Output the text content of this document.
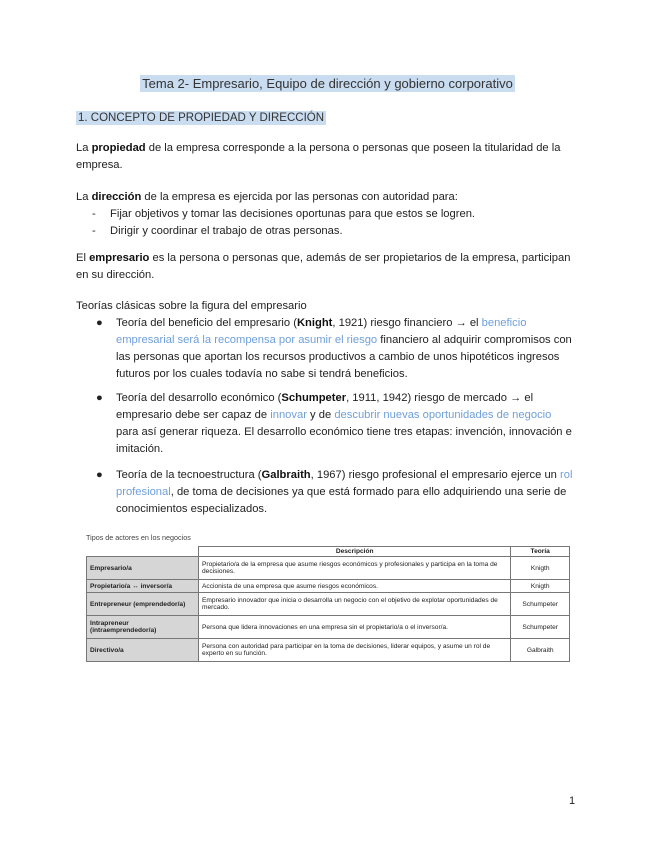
Tema 2- Empresario, Equipo de dirección y gobierno corporativo
1. CONCEPTO DE PROPIEDAD Y DIRECCIÓN

La propiedad de la empresa corresponde a la persona o personas que poseen la titularidad de la empresa.

La dirección de la empresa es ejercida por las personas con autoridad para:

- Fijar objetivos y tomar las decisiones oportunas para que estos se logren.
- Dirigir y coordinar el trabajo de otras personas.

El empresario es la persona o personas que, además de ser propietarios de la empresa, participan en su dirección.

Teorías clásicas sobre la figura del empresario
● Teoría del beneficio del empresario (Knight, 1921) riesgo financiero → el beneficio empresarial será la recompensa por asumir el riesgo financiero al adquirir compromisos con las personas que aportan los recursos productivos a cambio de unos hipotéticos ingresos futuros por los cuales todavía no sabe si tendrá beneficios.
● Teoría del desarrollo económico (Schumpeter, 1911, 1942) riesgo de mercado → el empresario debe ser capaz de innovar y de descubrir nuevas oportunidades de negocio para así generar riqueza. El desarrollo económico tiene tres etapas: invención, innovación e imitación.
● Teoría de la tecnoestructura (Galbraith, 1967) riesgo profesional el empresario ejerce un rol profesional, de toma de decisiones ya que está formado para ello adquiriendo una serie de conocimientos especializados.
Tipos de actores en los negocios
	Descripción	Teoría
Empresario/a	Propietario/a de la empresa que asume riesgos económicos y profesionales y participa en la toma de decisiones.	Knigth
Propietario/a ↔ inversor/a	Accionista de una empresa que asume riesgos económicos.	Knigth
Entrepreneur (emprendedor/a)	Empresario innovador que inicia o desarrolla un negocio con el objetivo de explotar oportunidades de mercado.	Schumpeter
Intrapreneur (intraemprendedor/a)	Persona que lidera innovaciones en una empresa sin el propietario/a o el inversor/a.	Schumpeter
Directivo/a	Persona con autoridad para participar en la toma de decisiones, liderar equipos, y asume un rol de experto en su función.	Galbraith
1
